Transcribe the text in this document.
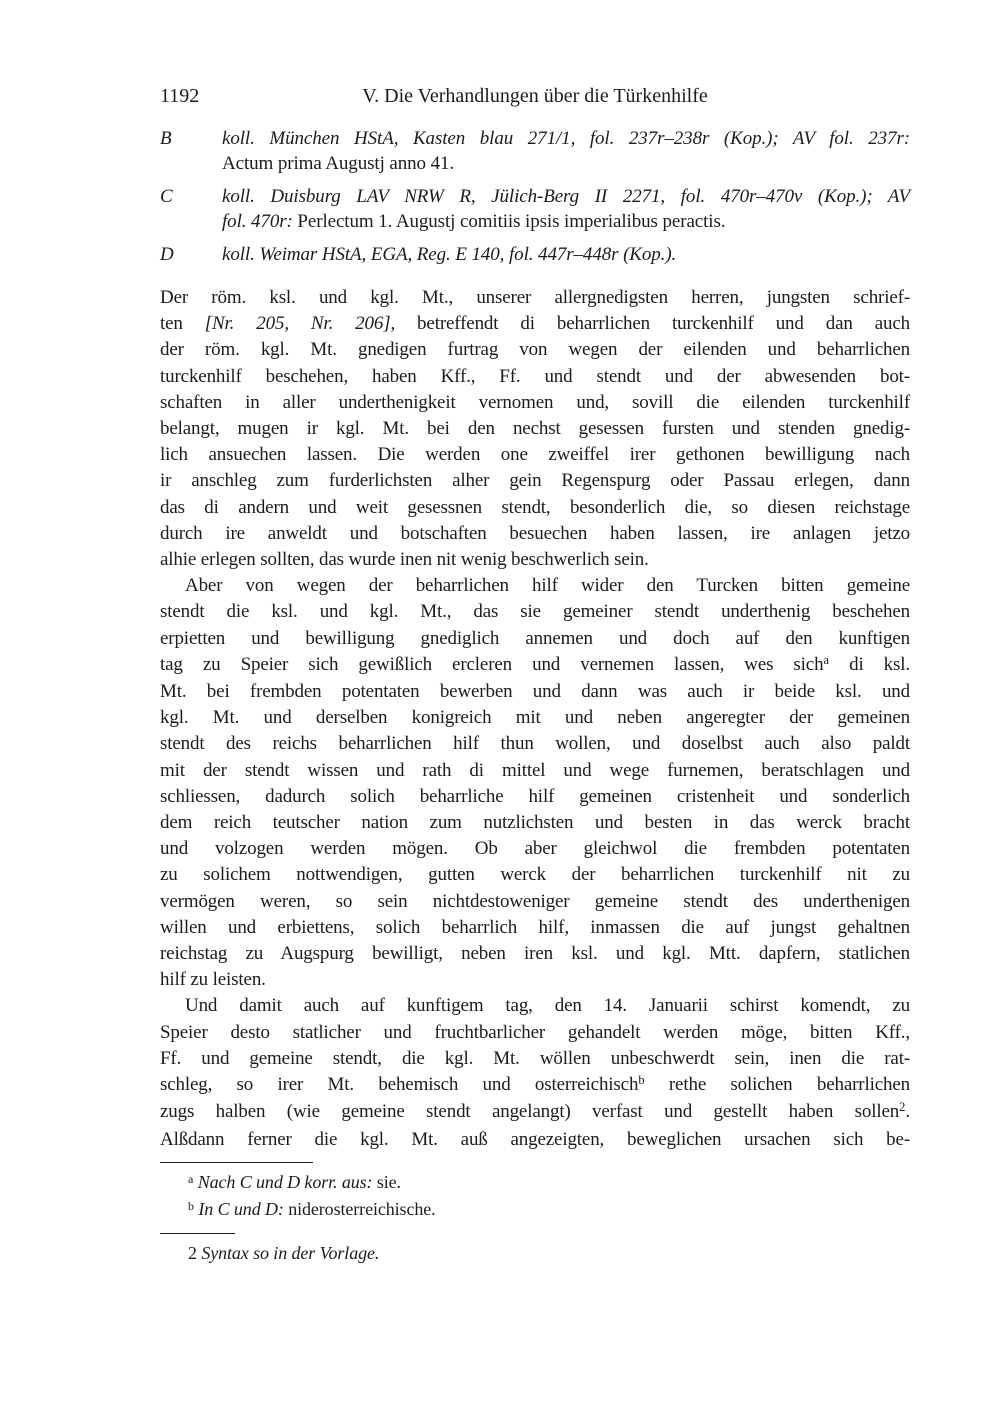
1192	V. Die Verhandlungen über die Türkenhilfe
B	koll. München HStA, Kasten blau 271/1, fol. 237r–238r (Kop.); AV fol. 237r:
Actum prima Augustj anno 41.
C	koll. Duisburg LAV NRW R, Jülich-Berg II 2271, fol. 470r–470v (Kop.); AV
fol. 470r: Perlectum 1. Augustj comitiis ipsis imperialibus peractis.
D	koll. Weimar HStA, EGA, Reg. E 140, fol. 447r–448r (Kop.).
Der röm. ksl. und kgl. Mt., unserer allergnedigsten herren, jungsten schrief-
ten [Nr. 205, Nr. 206], betreffendt di beharrlichen turckenhilf und dan auch
der röm. kgl. Mt. gnedigen furtrag von wegen der eilenden und beharrlichen
turckenhilf beschehen, haben Kff., Ff. und stendt und der abwesenden bot-
schaften in aller underthenigkeit vernomen und, sovill die eilenden turckenhilf
belangt, mugen ir kgl. Mt. bei den nechst gesessen fursten und stenden gnedig-
lich ansuechen lassen. Die werden one zweiffel irer gethonen bewilligung nach
ir anschleg zum furderlichsten alher gein Regenspurg oder Passau erlegen, dann
das di andern und weit gesessnen stendt, besonderlich die, so diesen reichstage
durch ire anweldt und botschaften besuechen haben lassen, ire anlagen jetzo
alhie erlegen sollten, das wurde inen nit wenig beschwerlich sein.
Aber von wegen der beharrlichen hilf wider den Turcken bitten gemeine
stendt die ksl. und kgl. Mt., das sie gemeiner stendt underthenig beschehen
erpietten und bewilligung gnediglich annemen und doch auf den kunftigen
tag zu Speier sich gewißlich ercleren und vernemen lassen, wes sich$^a$ di ksl.
Mt. bei frembden potentaten bewerben und dann was auch ir beide ksl. und
kgl. Mt. und derselben konigreich mit und neben angeregter der gemeinen
stendt des reichs beharrlichen hilf thun wollen, und doselbst auch also paldt
mit der stendt wissen und rath di mittel und wege furnemen, beratschlagen und
schliessen, dadurch solich beharrliche hilf gemeinen cristenheit und sonderlich
dem reich teutscher nation zum nutzlichsten und besten in das werck bracht
und volzogen werden mögen. Ob aber gleichwol die frembden potentaten
zu solichem nottwendigen, gutten werck der beharrlichen turckenhilf nit zu
vermögen weren, so sein nichtdestoweniger gemeine stendt des underthenigen
willen und erbiettens, solich beharrlich hilf, inmassen die auf jungst gehaltnen
reichstag zu Augspurg bewilligt, neben iren ksl. und kgl. Mtt. dapfern, statlichen
hilf zu leisten.
Und damit auch auf kunftigem tag, den 14. Januarii schirst komendt, zu
Speier desto statlicher und fruchtbarlicher gehandelt werden möge, bitten Kff.,
Ff. und gemeine stendt, die kgl. Mt. wöllen unbeschwerdt sein, inen die rat-
schleg, so irer Mt. behemisch und osterreichisch$^b$ rethe solichen beharrlichen
zugs halben (wie gemeine stendt angelangt) verfast und gestellt haben sollen$^2$.
Alßdann ferner die kgl. Mt. auß angezeigten, beweglichen ursachen sich be-
$^a$ Nach C und D korr. aus: sie.
$^b$ In C und D: niderosterreichische.
2 Syntax so in der Vorlage.
